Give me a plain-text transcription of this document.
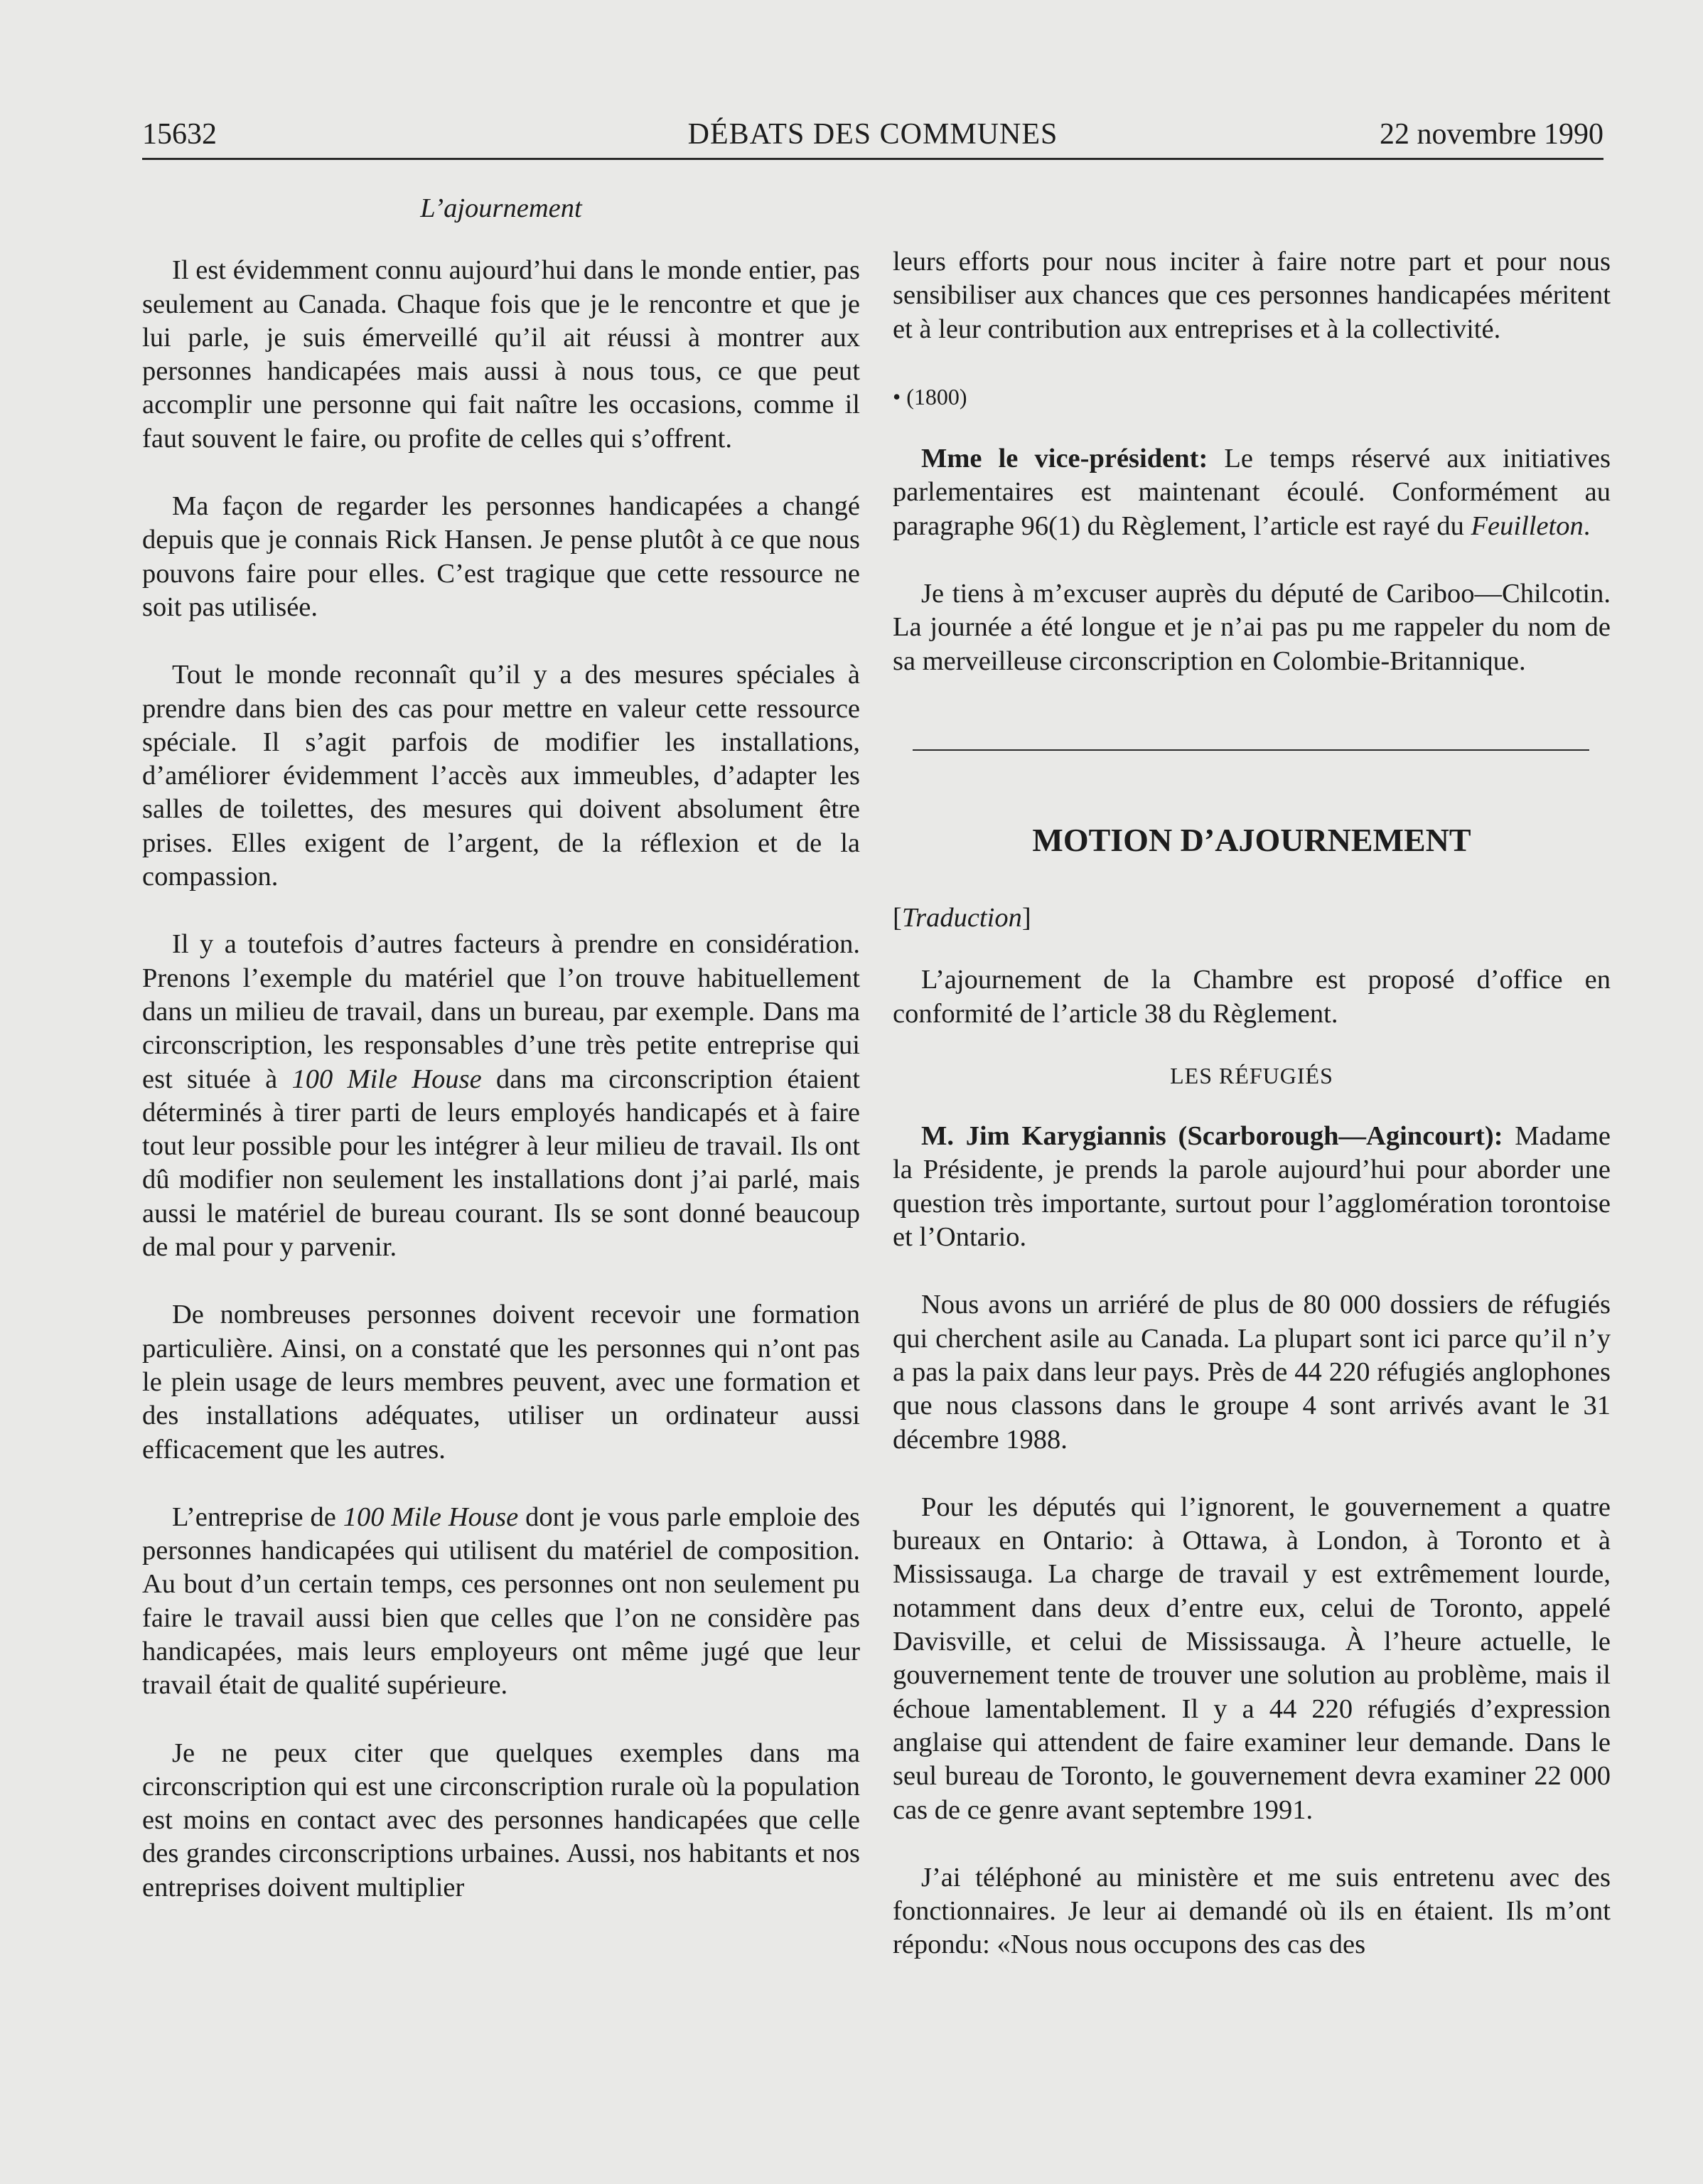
15632	DÉBATS DES COMMUNES	22 novembre 1990

L’ajournement

Il est évidemment connu aujourd’hui dans le monde entier, pas seulement au Canada. Chaque fois que je le rencontre et que je lui parle, je suis émerveillé qu’il ait réussi à montrer aux personnes handicapées mais aussi à nous tous, ce que peut accomplir une personne qui fait naître les occasions, comme il faut souvent le faire, ou profite de celles qui s’offrent.

Ma façon de regarder les personnes handicapées a changé depuis que je connais Rick Hansen. Je pense plutôt à ce que nous pouvons faire pour elles. C’est tragique que cette ressource ne soit pas utilisée.

Tout le monde reconnaît qu’il y a des mesures spéciales à prendre dans bien des cas pour mettre en valeur cette ressource spéciale. Il s’agit parfois de modifier les installations, d’améliorer évidemment l’accès aux immeubles, d’adapter les salles de toilettes, des mesures qui doivent absolument être prises. Elles exigent de l’argent, de la réflexion et de la compassion.

Il y a toutefois d’autres facteurs à prendre en considération. Prenons l’exemple du matériel que l’on trouve habituellement dans un milieu de travail, dans un bureau, par exemple. Dans ma circonscription, les responsables d’une très petite entreprise qui est située à 100 Mile House dans ma circonscription étaient déterminés à tirer parti de leurs employés handicapés et à faire tout leur possible pour les intégrer à leur milieu de travail. Ils ont dû modifier non seulement les installations dont j’ai parlé, mais aussi le matériel de bureau courant. Ils se sont donné beaucoup de mal pour y parvenir.

De nombreuses personnes doivent recevoir une formation particulière. Ainsi, on a constaté que les personnes qui n’ont pas le plein usage de leurs membres peuvent, avec une formation et des installations adéquates, utiliser un ordinateur aussi efficacement que les autres.

L’entreprise de 100 Mile House dont je vous parle emploie des personnes handicapées qui utilisent du matériel de composition. Au bout d’un certain temps, ces personnes ont non seulement pu faire le travail aussi bien que celles que l’on ne considère pas handicapées, mais leurs employeurs ont même jugé que leur travail était de qualité supérieure.

Je ne peux citer que quelques exemples dans ma circonscription qui est une circonscription rurale où la population est moins en contact avec des personnes handicapées que celle des grandes circonscriptions urbaines. Aussi, nos habitants et nos entreprises doivent multiplier

leurs efforts pour nous inciter à faire notre part et pour nous sensibiliser aux chances que ces personnes handicapées méritent et à leur contribution aux entreprises et à la collectivité.

• (1800)

Mme le vice-président: Le temps réservé aux initiatives parlementaires est maintenant écoulé. Conformément au paragraphe 96(1) du Règlement, l’article est rayé du Feuilleton.

Je tiens à m’excuser auprès du député de Cariboo—Chilcotin. La journée a été longue et je n’ai pas pu me rappeler du nom de sa merveilleuse circonscription en Colombie-Britannique.

MOTION D’AJOURNEMENT

[Traduction]

L’ajournement de la Chambre est proposé d’office en conformité de l’article 38 du Règlement.

LES RÉFUGIÉS

M. Jim Karygiannis (Scarborough—Agincourt): Madame la Présidente, je prends la parole aujourd’hui pour aborder une question très importante, surtout pour l’agglomération torontoise et l’Ontario.

Nous avons un arriéré de plus de 80 000 dossiers de réfugiés qui cherchent asile au Canada. La plupart sont ici parce qu’il n’y a pas la paix dans leur pays. Près de 44 220 réfugiés anglophones que nous classons dans le groupe 4 sont arrivés avant le 31 décembre 1988.

Pour les députés qui l’ignorent, le gouvernement a quatre bureaux en Ontario: à Ottawa, à London, à Toronto et à Mississauga. La charge de travail y est extrêmement lourde, notamment dans deux d’entre eux, celui de Toronto, appelé Davisville, et celui de Mississauga. À l’heure actuelle, le gouvernement tente de trouver une solution au problème, mais il échoue lamentablement. Il y a 44 220 réfugiés d’expression anglaise qui attendent de faire examiner leur demande. Dans le seul bureau de Toronto, le gouvernement devra examiner 22 000 cas de ce genre avant septembre 1991.

J’ai téléphoné au ministère et me suis entretenu avec des fonctionnaires. Je leur ai demandé où ils en étaient. Ils m’ont répondu: «Nous nous occupons des cas des
